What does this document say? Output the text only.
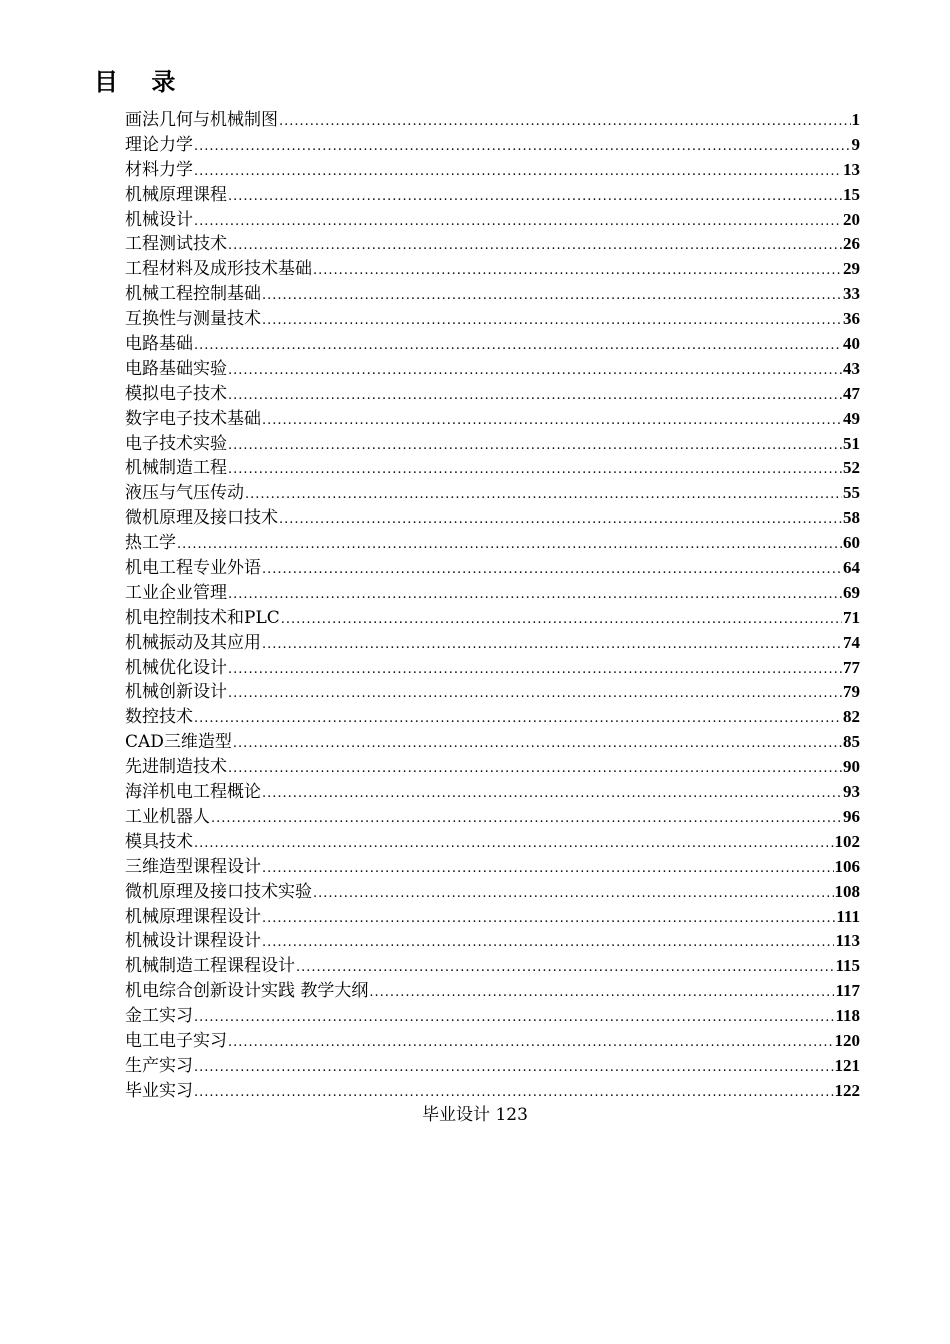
目    录
画法几何与机械制图 .....	1
理论力学 .....	9
材料力学 .....	13
机械原理课程 .....	15
机械设计 .....	20
工程测试技术 .....	26
工程材料及成形技术基础 .....	29
机械工程控制基础 .....	33
互换性与测量技术 .....	36
电路基础 .....	40
电路基础实验 .....	43
模拟电子技术 .....	47
数字电子技术基础 .....	49
电子技术实验 .....	51
机械制造工程 .....	52
液压与气压传动 .....	55
微机原理及接口技术 .....	58
热工学 .....	60
机电工程专业外语 .....	64
工业企业管理 .....	69
机电控制技术和PLC .....	71
机械振动及其应用 .....	74
机械优化设计 .....	77
机械创新设计 .....	79
数控技术 .....	82
CAD三维造型 .....	85
先进制造技术 .....	90
海洋机电工程概论 .....	93
工业机器人 .....	96
模具技术 .....	102
三维造型课程设计 .....	106
微机原理及接口技术实验 .....	108
机械原理课程设计 .....	111
机械设计课程设计 .....	113
机械制造工程课程设计 .....	115
机电综合创新设计实践 教学大纲 .....	117
金工实习 .....	118
电工电子实习 .....	120
生产实习 .....	121
毕业实习 .....	122
毕业设计 123
